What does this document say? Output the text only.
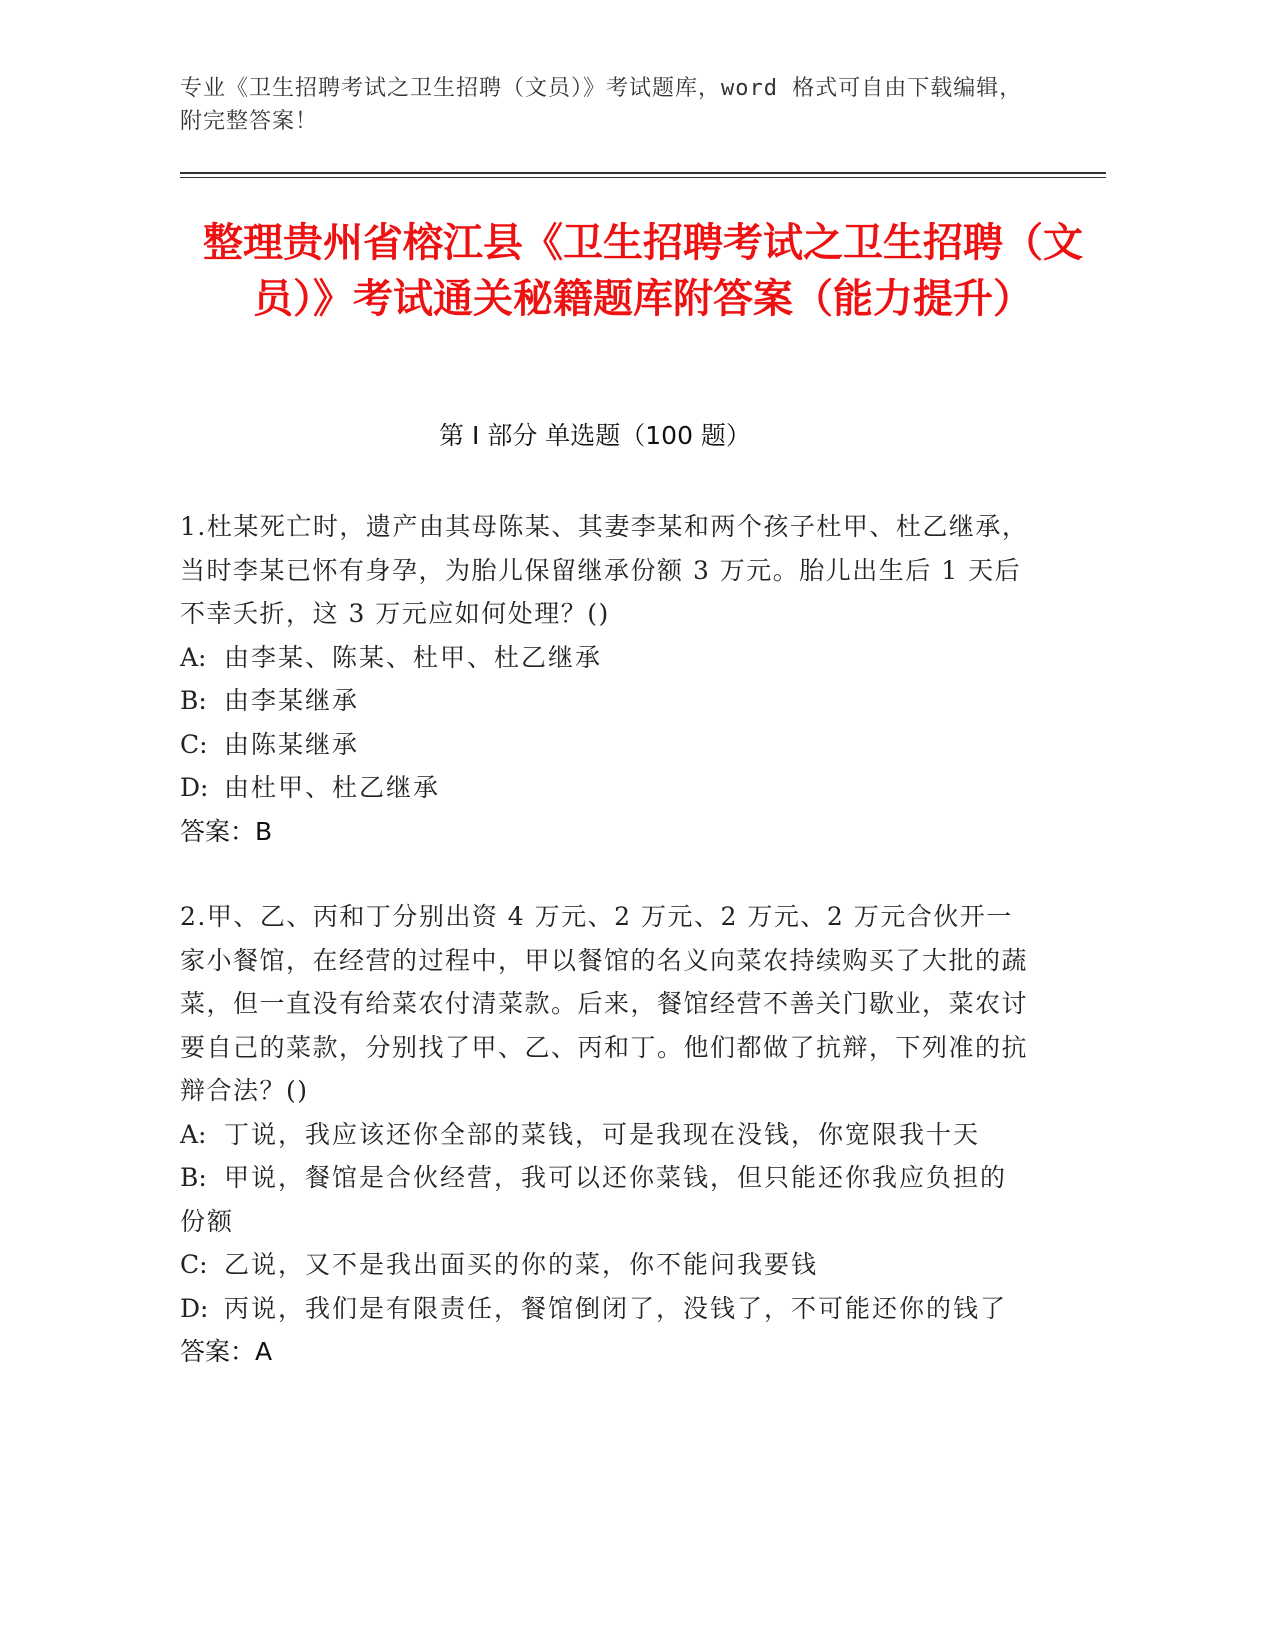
专业《卫生招聘考试之卫生招聘（文员）》考试题库，word 格式可自由下载编辑，附完整答案！
整理贵州省榕江县《卫生招聘考试之卫生招聘（文员）》考试通关秘籍题库附答案（能力提升）
第 I 部分 单选题（100 题）
1.杜某死亡时，遗产由其母陈某、其妻李某和两个孩子杜甲、杜乙继承，当时李某已怀有身孕，为胎儿保留继承份额 3 万元。胎儿出生后 1 天后不幸夭折，这 3 万元应如何处理？()
A: 由李某、陈某、杜甲、杜乙继承
B: 由李某继承
C: 由陈某继承
D: 由杜甲、杜乙继承
答案：B
2.甲、乙、丙和丁分别出资 4 万元、2 万元、2 万元、2 万元合伙开一家小餐馆，在经营的过程中，甲以餐馆的名义向菜农持续购买了大批的蔬菜，但一直没有给菜农付清菜款。后来，餐馆经营不善关门歇业，菜农讨要自己的菜款，分别找了甲、乙、丙和丁。他们都做了抗辩，下列准的抗辩合法？()
A: 丁说，我应该还你全部的菜钱，可是我现在没钱，你宽限我十天
B: 甲说，餐馆是合伙经营，我可以还你菜钱，但只能还你我应负担的份额
C: 乙说，又不是我出面买的你的菜，你不能问我要钱
D: 丙说，我们是有限责任，餐馆倒闭了，没钱了，不可能还你的钱了
答案：A
